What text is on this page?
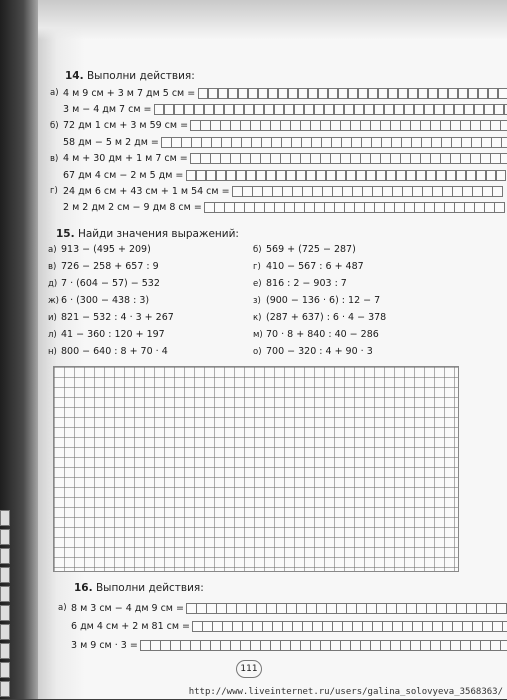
14. Выполни действия:
а) 4 м 9 см + 3 м 7 дм 5 см =
3 м − 4 дм 7 см =
б) 72 дм 1 см + 3 м 59 см =
58 дм − 5 м 2 дм =
в) 4 м + 30 дм + 1 м 7 см =
67 дм 4 см − 2 м 5 дм =
г) 24 дм 6 см + 43 см + 1 м 54 см =
2 м 2 дм 2 см − 9 дм 8 см =
15. Найди значения выражений:
а) 913 − (495 + 209)
в) 726 − 258 + 657 : 9
д) 7 · (604 − 57) − 532
ж) 6 · (300 − 438 : 3)
и) 821 − 532 : 4 · 3 + 267
л) 41 − 360 : 120 + 197
н) 800 − 640 : 8 + 70 · 4
б) 569 + (725 − 287)
г) 410 − 567 : 6 + 487
е) 816 : 2 − 903 : 7
з) (900 − 136 · 6) : 12 − 7
к) (287 + 637) : 6 · 4 − 378
м) 70 · 8 + 840 : 40 − 286
о) 700 − 320 : 4 + 90 · 3
16. Выполни действия:
а) 8 м 3 см − 4 дм 9 см =
6 дм 4 см + 2 м 81 см =
3 м 9 см · 3 =
111
http://www.liveinternet.ru/users/galina_solovyeva_3568363/
